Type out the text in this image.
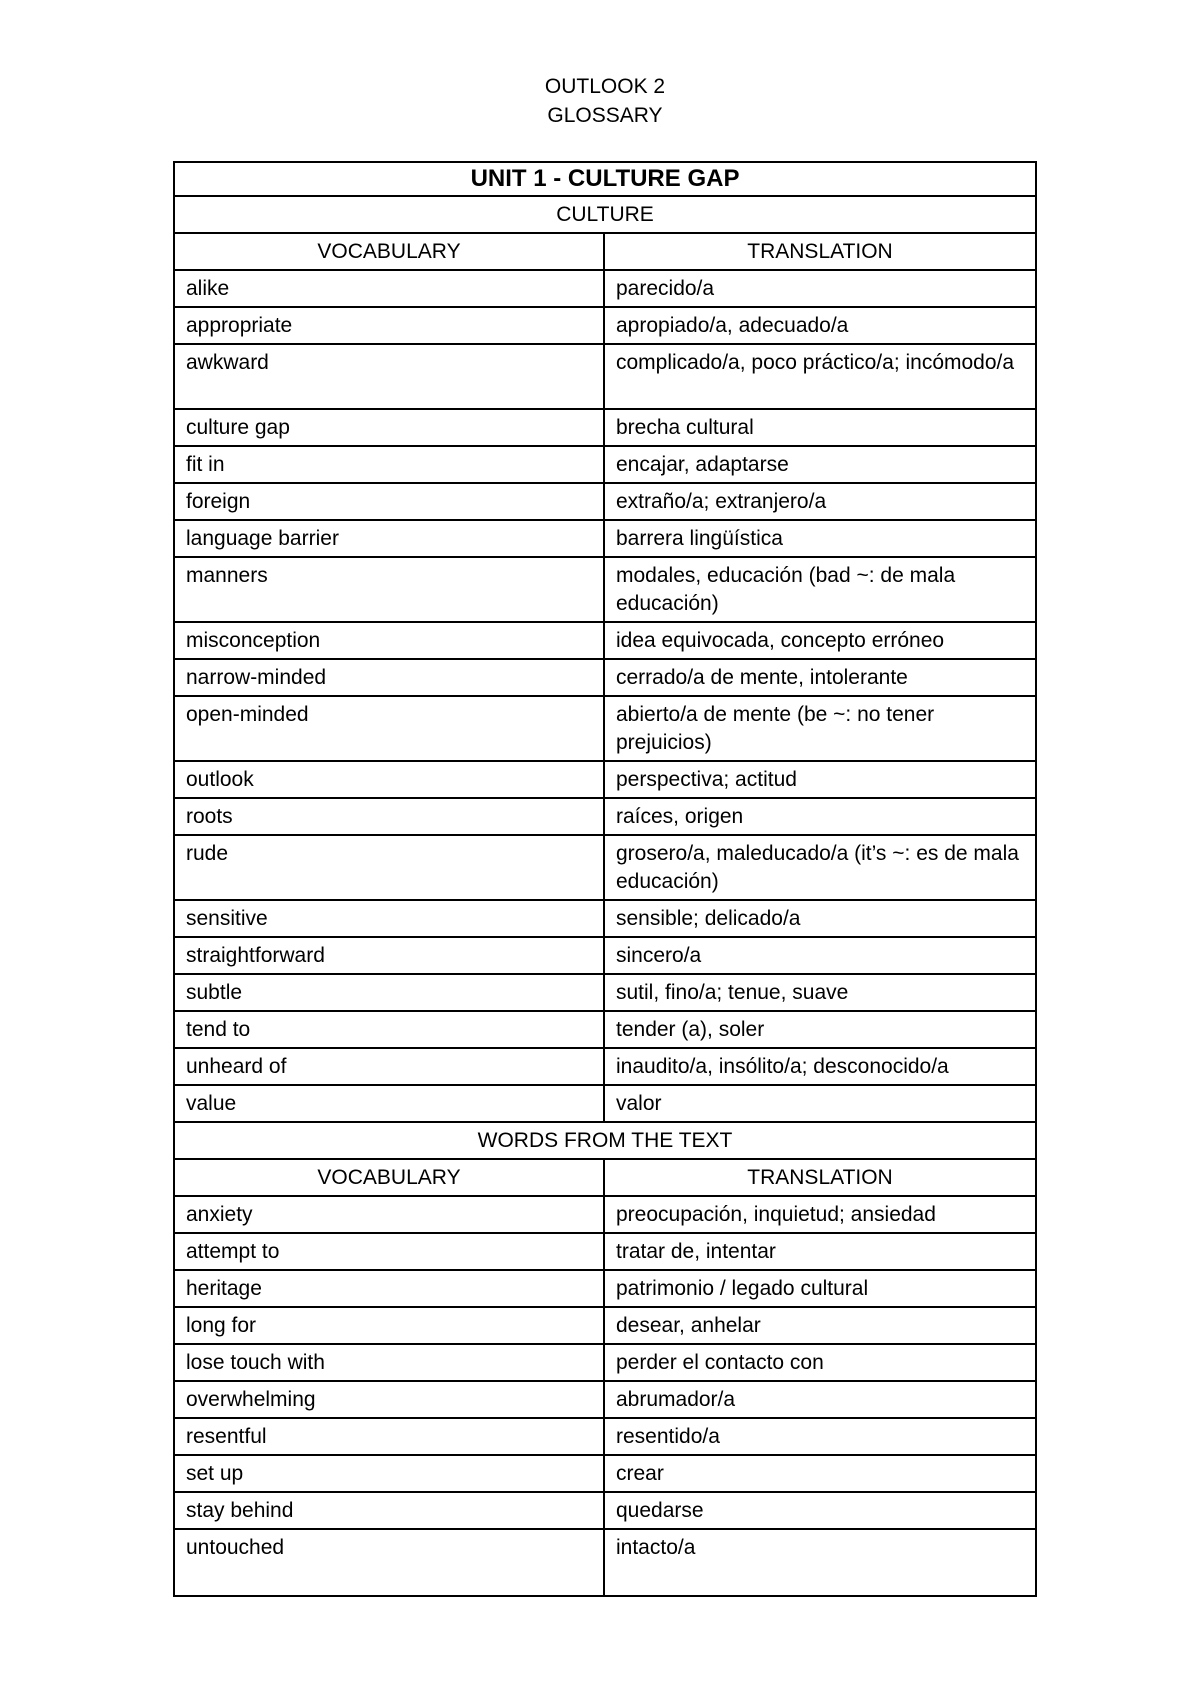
OUTLOOK 2
GLOSSARY
UNIT 1 - CULTURE GAP	
CULTURE	
VOCABULARY	TRANSLATION
alike	parecido/a
appropriate	apropiado/a, adecuado/a
awkward	complicado/a, poco práctico/a; incómodo/a
culture gap	brecha cultural
fit in	encajar, adaptarse
foreign	extraño/a; extranjero/a
language barrier	barrera lingüística
manners	modales, educación (bad ~: de mala educación)
misconception	idea equivocada, concepto erróneo
narrow-minded	cerrado/a de mente, intolerante
open-minded	abierto/a de mente (be ~: no tener prejuicios)
outlook	perspectiva; actitud
roots	raíces, origen
rude	grosero/a, maleducado/a (it’s ~: es de mala educación)
sensitive	sensible; delicado/a
straightforward	sincero/a
subtle	sutil, fino/a; tenue, suave
tend to	tender (a), soler
unheard of	inaudito/a, insólito/a; desconocido/a
value	valor
WORDS FROM THE TEXT	
VOCABULARY	TRANSLATION
anxiety	preocupación, inquietud; ansiedad
attempt to	tratar de, intentar
heritage	patrimonio / legado cultural
long for	desear, anhelar
lose touch with	perder el contacto con
overwhelming	abrumador/a
resentful	resentido/a
set up	crear
stay behind	quedarse
untouched	intacto/a
